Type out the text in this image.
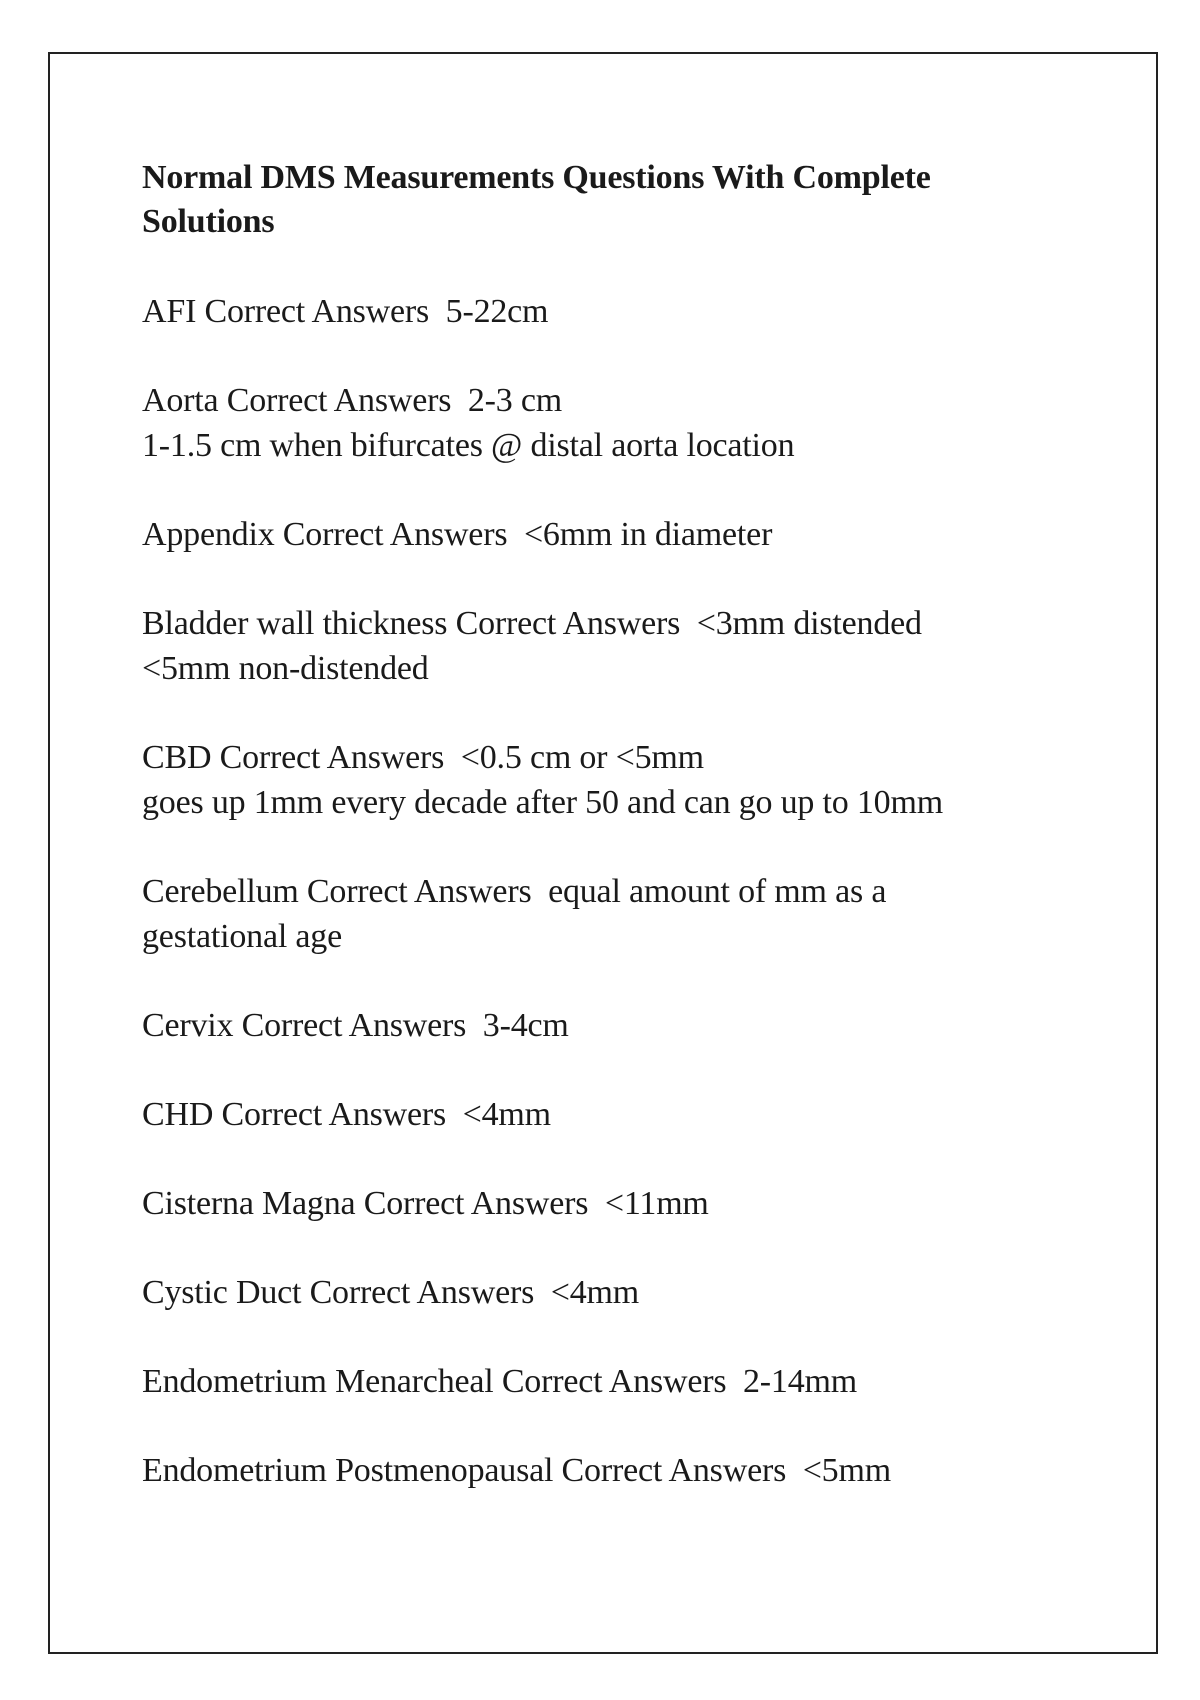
Normal DMS Measurements Questions With Complete Solutions
AFI Correct Answers  5-22cm
Aorta Correct Answers  2-3 cm
1-1.5 cm when bifurcates @ distal aorta location
Appendix Correct Answers  <6mm in diameter
Bladder wall thickness Correct Answers  <3mm distended
<5mm non-distended
CBD Correct Answers  <0.5 cm or <5mm
goes up 1mm every decade after 50 and can go up to 10mm
Cerebellum Correct Answers  equal amount of mm as a
gestational age
Cervix Correct Answers  3-4cm
CHD Correct Answers  <4mm
Cisterna Magna Correct Answers  <11mm
Cystic Duct Correct Answers  <4mm
Endometrium Menarcheal Correct Answers  2-14mm
Endometrium Postmenopausal Correct Answers  <5mm
